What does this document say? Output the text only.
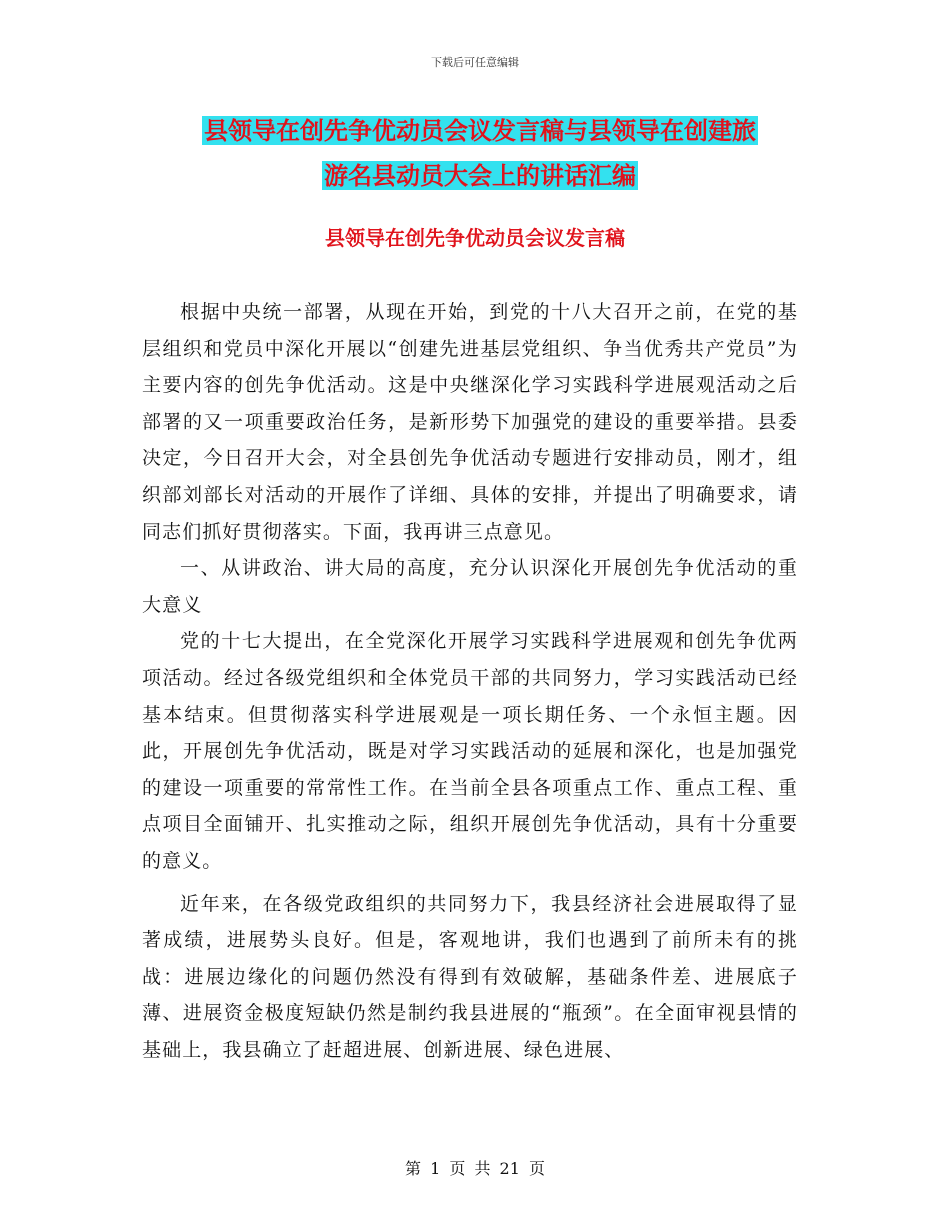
下载后可任意编辑
县领导在创先争优动员会议发言稿与县领导在创建旅
游名县动员大会上的讲话汇编
县领导在创先争优动员会议发言稿

根据中央统一部署，从现在开始，到党的十八大召开之前，在党的基层组织和党员中深化开展以“创建先进基层党组织、争当优秀共产党员”为主要内容的创先争优活动。这是中央继深化学习实践科学进展观活动之后部署的又一项重要政治任务，是新形势下加强党的建设的重要举措。县委决定，今日召开大会，对全县创先争优活动专题进行安排动员，刚才，组织部刘部长对活动的开展作了详细、具体的安排，并提出了明确要求，请同志们抓好贯彻落实。下面，我再讲三点意见。

一、从讲政治、讲大局的高度，充分认识深化开展创先争优活动的重大意义

党的十七大提出，在全党深化开展学习实践科学进展观和创先争优两项活动。经过各级党组织和全体党员干部的共同努力，学习实践活动已经基本结束。但贯彻落实科学进展观是一项长期任务、一个永恒主题。因此，开展创先争优活动，既是对学习实践活动的延展和深化，也是加强党的建设一项重要的常常性工作。在当前全县各项重点工作、重点工程、重点项目全面铺开、扎实推动之际，组织开展创先争优活动，具有十分重要的意义。

近年来，在各级党政组织的共同努力下，我县经济社会进展取得了显著成绩，进展势头良好。但是，客观地讲，我们也遇到了前所未有的挑战：进展边缘化的问题仍然没有得到有效破解，基础条件差、进展底子薄、进展资金极度短缺仍然是制约我县进展的“瓶颈”。在全面审视县情的基础上，我县确立了赶超进展、创新进展、绿色进展、

第 1 页 共 21 页
